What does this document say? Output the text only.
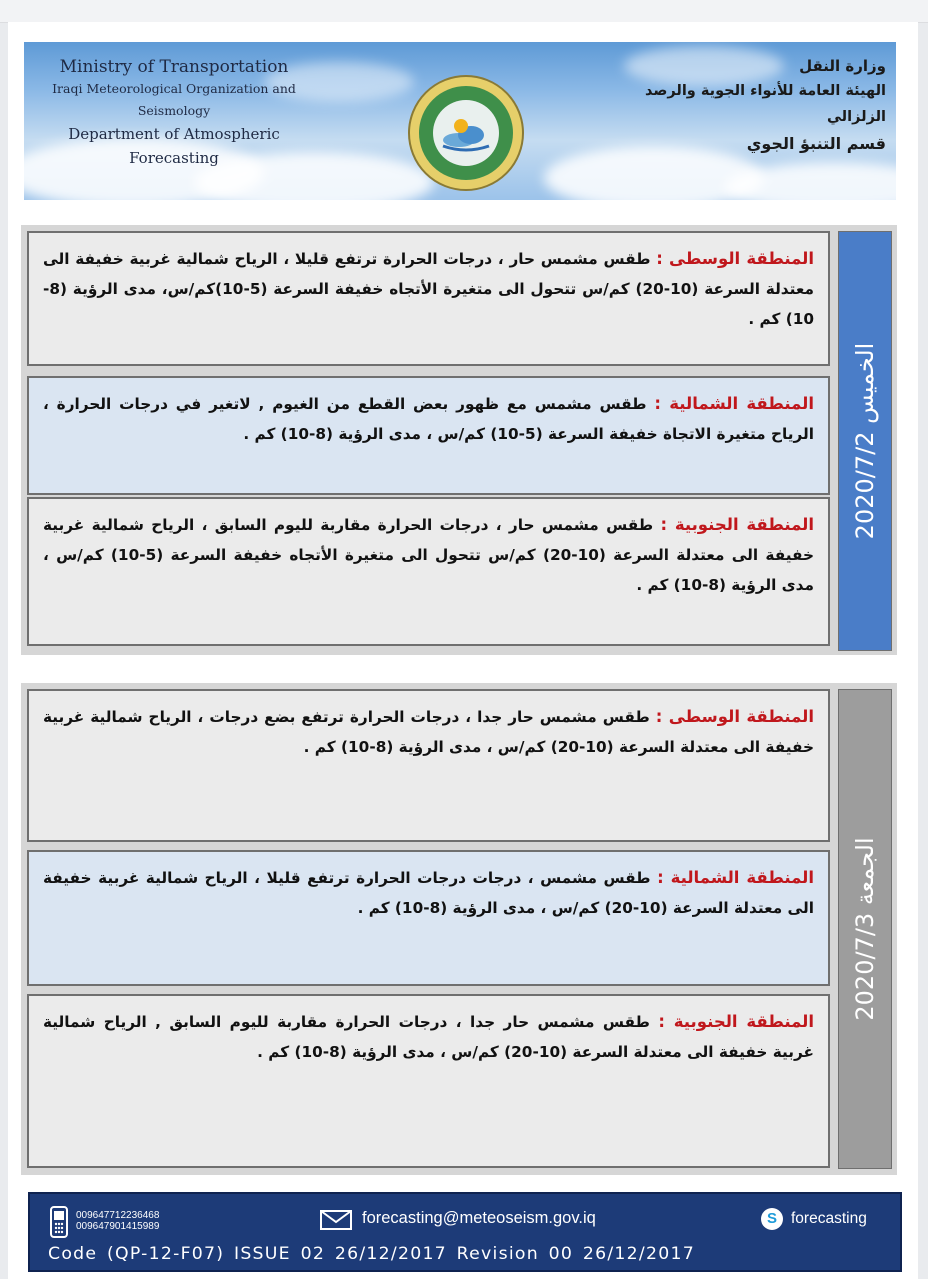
Ministry of Transportation
Iraqi Meteorological Organization and Seismology
Department of Atmospheric Forecasting
وزارة النقل
الهيئة العامة للأنواء الجوية والرصد الزلزالي
قسم التنبؤ الجوي
المنطقة الوسطى : طقس مشمس حار ، درجات الحرارة ترتفع قليلا ، الرياح شمالية غربية خفيفة الى معتدلة السرعة (10-20) كم/س تتحول الى متغيرة الأتجاه خفيفة السرعة (5-10)كم/س، مدى الرؤية (8-10) كم .
المنطقة الشمالية : طقس مشمس مع ظهور بعض القطع من الغيوم , لاتغير في درجات الحرارة ، الرياح متغيرة الاتجاة خفيفة السرعة (5-10) كم/س ، مدى الرؤية (8-10) كم .
المنطقة الجنوبية : طقس مشمس حار ، درجات الحرارة مقاربة لليوم السابق ، الرياح شمالية غربية خفيفة الى معتدلة السرعة (10-20) كم/س تتحول الى متغيرة الأتجاه خفيفة السرعة (5-10) كم/س ، مدى الرؤية (8-10) كم .
الخميس 2020/7/2
المنطقة الوسطى : طقس مشمس حار جدا ، درجات الحرارة ترتفع بضع درجات ، الرياح شمالية غربية خفيفة الى معتدلة السرعة (10-20) كم/س ، مدى الرؤية (8-10) كم .
المنطقة الشمالية : طقس مشمس ، درجات درجات الحرارة ترتفع قليلا ، الرياح شمالية غربية خفيفة الى معتدلة السرعة (10-20) كم/س ، مدى الرؤية (8-10) كم .
المنطقة الجنوبية : طقس مشمس حار جدا ، درجات الحرارة مقاربة لليوم السابق , الرياح شمالية غربية خفيفة الى معتدلة السرعة (10-20) كم/س ، مدى الرؤية (8-10) كم .
الجمعة 2020/7/3
009647712236468
009647901415989	forecasting@meteoseism.gov.iq	S forecasting
Code (QP-12-F07) ISSUE 02 26/12/2017 Revision 00 26/12/2017
